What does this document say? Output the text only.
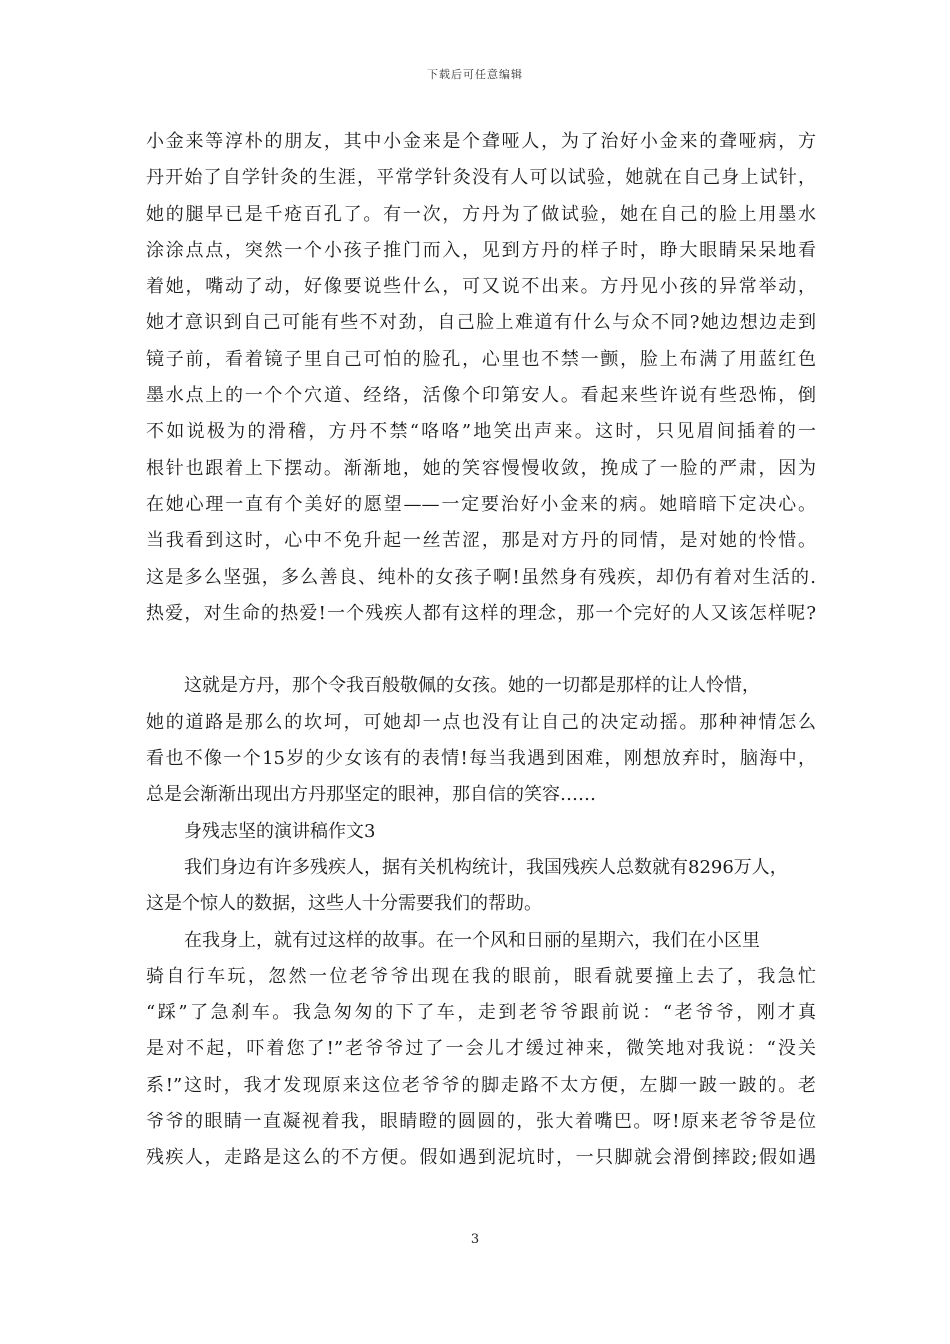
下载后可任意编辑
小金来等淳朴的朋友，其中小金来是个聋哑人，为了治好小金来的聋哑病，方
丹开始了自学针灸的生涯，平常学针灸没有人可以试验，她就在自己身上试针，
她的腿早已是千疮百孔了。有一次，方丹为了做试验，她在自己的脸上用墨水
涂涂点点，突然一个小孩子推门而入，见到方丹的样子时，睁大眼睛呆呆地看
着她，嘴动了动，好像要说些什么，可又说不出来。方丹见小孩的异常举动，
她才意识到自己可能有些不对劲，自己脸上难道有什么与众不同?她边想边走到
镜子前，看着镜子里自己可怕的脸孔，心里也不禁一颤，脸上布满了用蓝红色
墨水点上的一个个穴道、经络，活像个印第安人。看起来些许说有些恐怖，倒
不如说极为的滑稽，方丹不禁“咯咯”地笑出声来。这时，只见眉间插着的一
根针也跟着上下摆动。渐渐地，她的笑容慢慢收敛，挽成了一脸的严肃，因为
在她心理一直有个美好的愿望——一定要治好小金来的病。她暗暗下定决心。
当我看到这时，心中不免升起一丝苦涩，那是对方丹的同情，是对她的怜惜。
这是多么坚强，多么善良、纯朴的女孩子啊!虽然身有残疾，却仍有着对生活的.
热爱，对生命的热爱!一个残疾人都有这样的理念，那一个完好的人又该怎样呢?
这就是方丹，那个令我百般敬佩的女孩。她的一切都是那样的让人怜惜，
她的道路是那么的坎坷，可她却一点也没有让自己的决定动摇。那种神情怎么
看也不像一个15岁的少女该有的表情!每当我遇到困难，刚想放弃时，脑海中，
总是会渐渐出现出方丹那坚定的眼神，那自信的笑容……
身残志坚的演讲稿作文3
我们身边有许多残疾人，据有关机构统计，我国残疾人总数就有8296万人，
这是个惊人的数据，这些人十分需要我们的帮助。
在我身上，就有过这样的故事。在一个风和日丽的星期六，我们在小区里
骑自行车玩，忽然一位老爷爷出现在我的眼前，眼看就要撞上去了，我急忙
“踩”了急刹车。我急匆匆的下了车，走到老爷爷跟前说：“老爷爷，刚才真
是对不起，吓着您了!”老爷爷过了一会儿才缓过神来，微笑地对我说：“没关
系!”这时，我才发现原来这位老爷爷的脚走路不太方便，左脚一跛一跛的。老
爷爷的眼睛一直凝视着我，眼睛瞪的圆圆的，张大着嘴巴。呀!原来老爷爷是位
残疾人，走路是这么的不方便。假如遇到泥坑时，一只脚就会滑倒摔跤;假如遇
3
